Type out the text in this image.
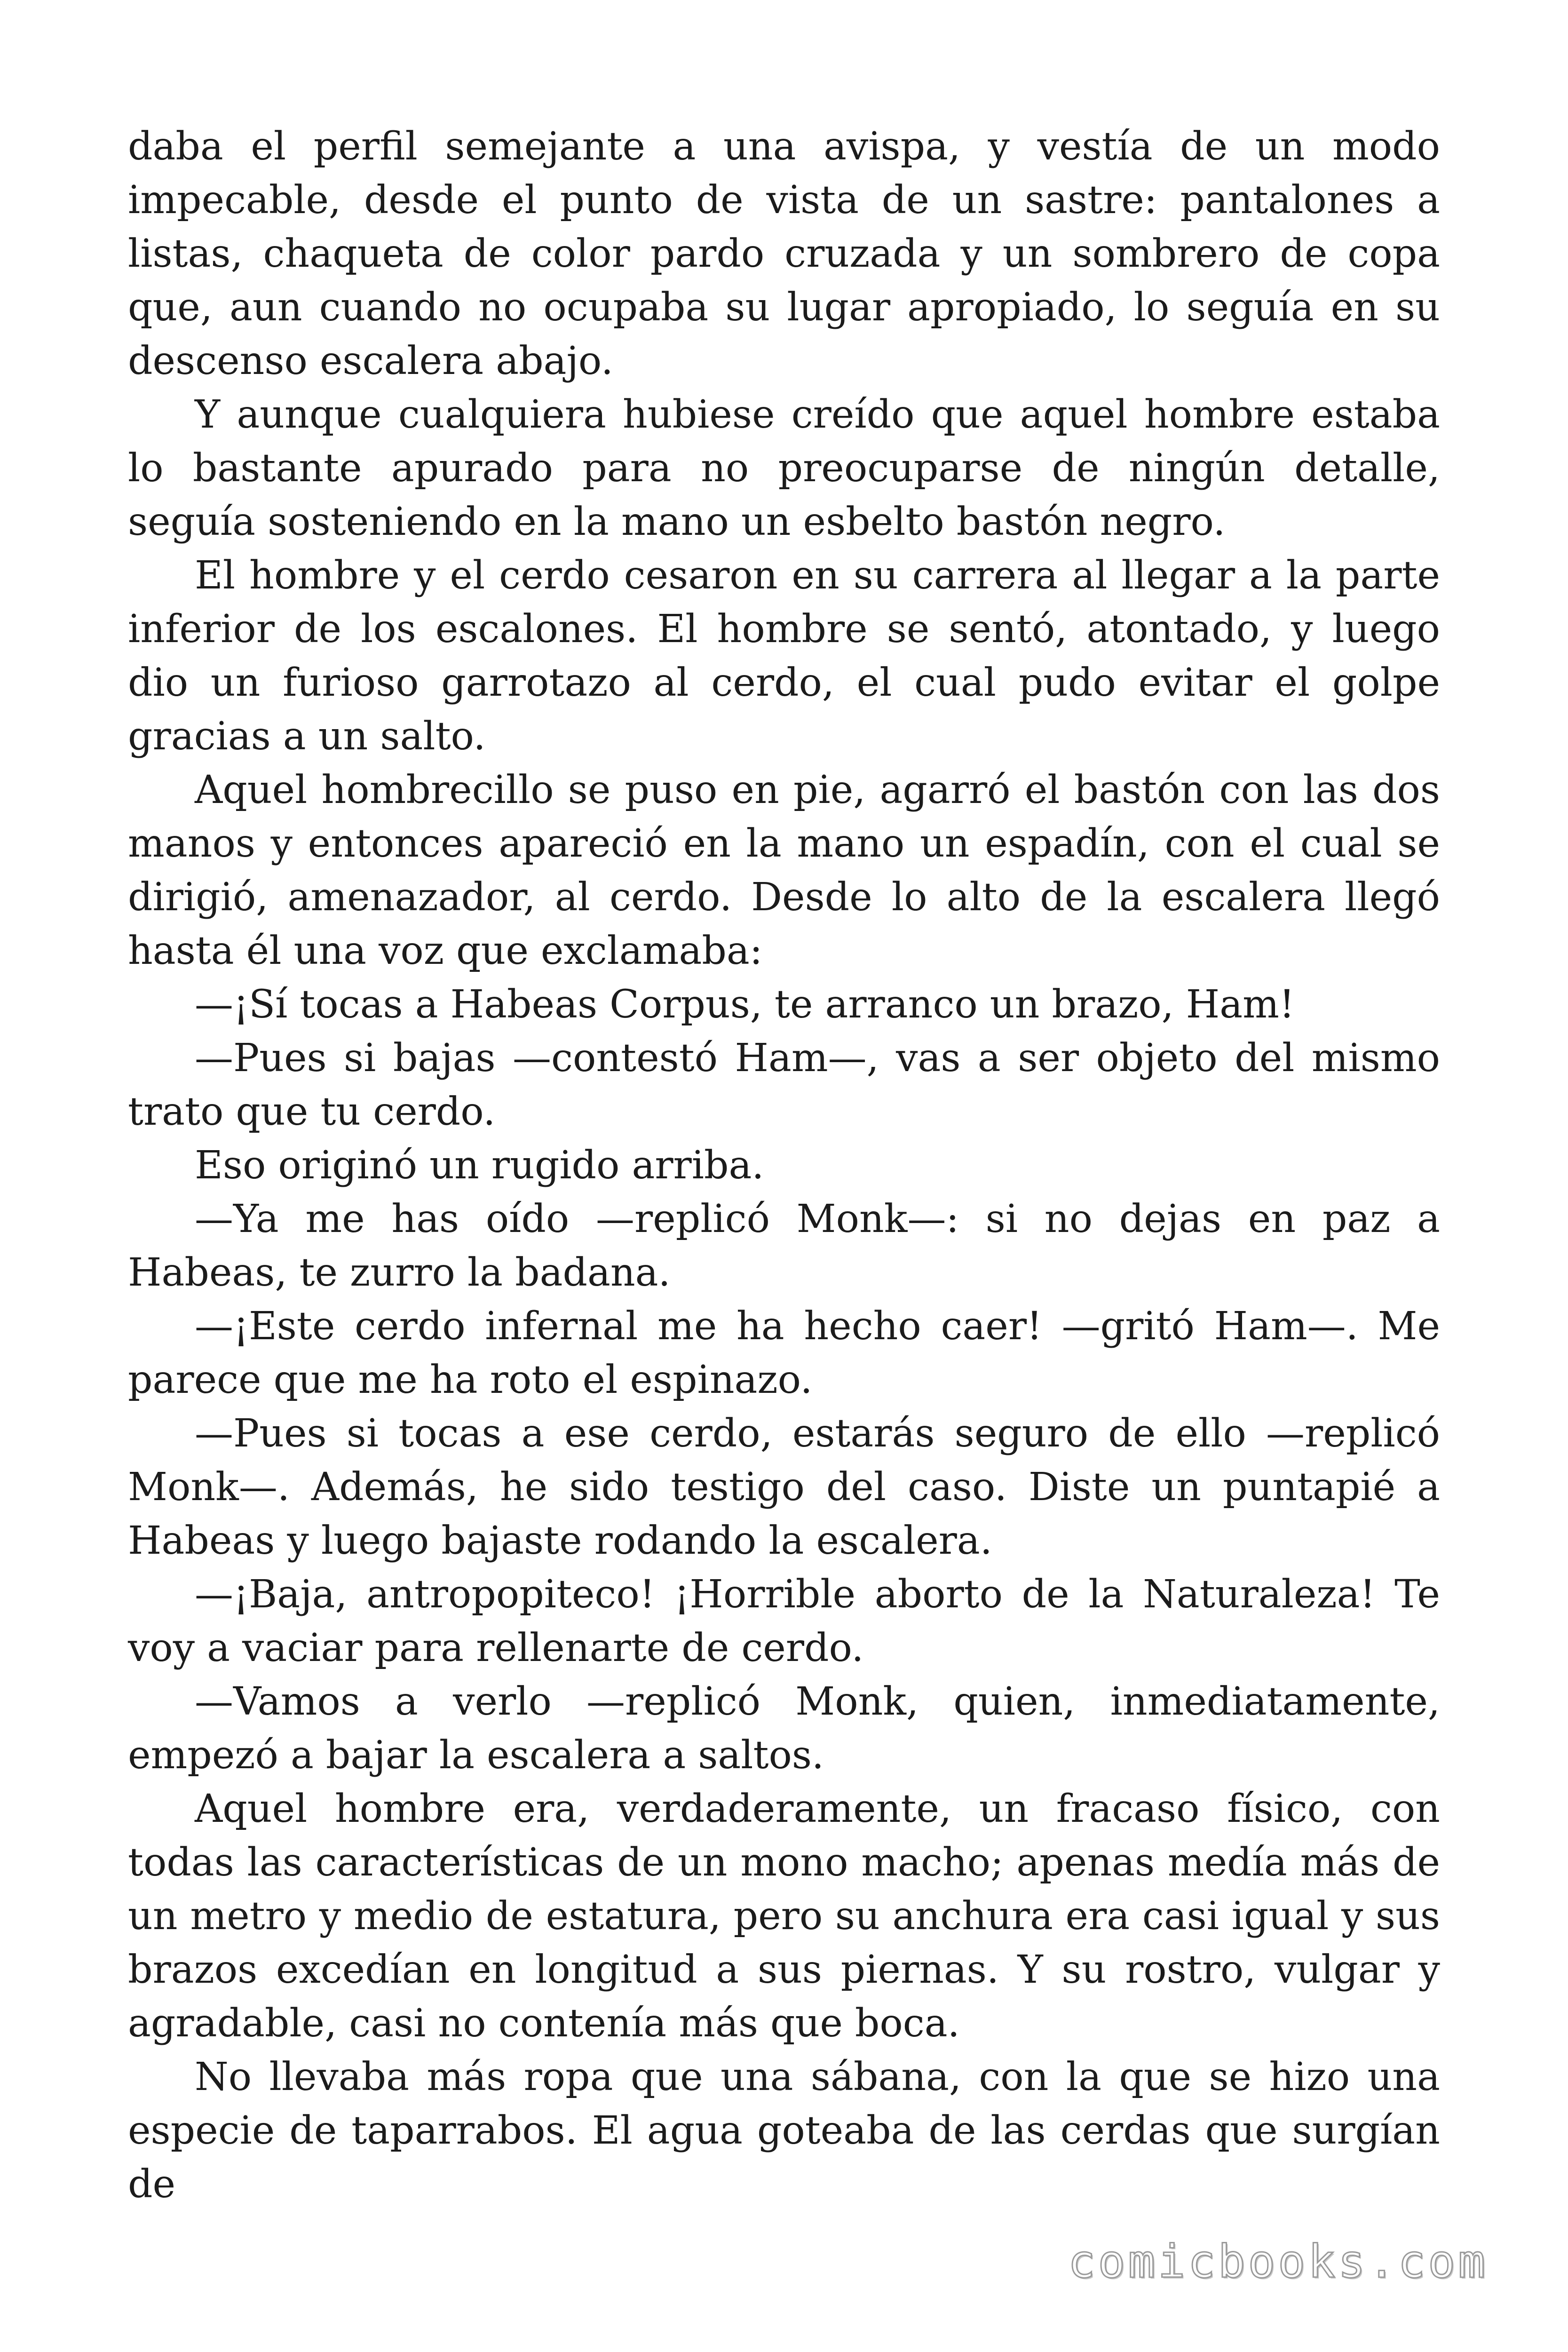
daba el perfil semejante a una avispa, y vestía de un modo impecable, desde el punto de vista de un sastre: pantalones a listas, chaqueta de color pardo cruzada y un sombrero de copa que, aun cuando no ocupaba su lugar apropiado, lo seguía en su descenso escalera abajo.

Y aunque cualquiera hubiese creído que aquel hombre estaba lo bastante apurado para no preocuparse de ningún detalle, seguía sosteniendo en la mano un esbelto bastón negro.

El hombre y el cerdo cesaron en su carrera al llegar a la parte inferior de los escalones. El hombre se sentó, atontado, y luego dio un furioso garrotazo al cerdo, el cual pudo evitar el golpe gracias a un salto.

Aquel hombrecillo se puso en pie, agarró el bastón con las dos manos y entonces apareció en la mano un espadín, con el cual se dirigió, amenazador, al cerdo. Desde lo alto de la escalera llegó hasta él una voz que exclamaba:

—¡Sí tocas a Habeas Corpus, te arranco un brazo, Ham!

—Pues si bajas —contestó Ham—, vas a ser objeto del mismo trato que tu cerdo.

Eso originó un rugido arriba.

—Ya me has oído —replicó Monk—: si no dejas en paz a Habeas, te zurro la badana.

—¡Este cerdo infernal me ha hecho caer! —gritó Ham—. Me parece que me ha roto el espinazo.

—Pues si tocas a ese cerdo, estarás seguro de ello —replicó Monk—. Además, he sido testigo del caso. Diste un puntapié a Habeas y luego bajaste rodando la escalera.

—¡Baja, antropopiteco! ¡Horrible aborto de la Naturaleza! Te voy a vaciar para rellenarte de cerdo.

—Vamos a verlo —replicó Monk, quien, inmediatamente, empezó a bajar la escalera a saltos.

Aquel hombre era, verdaderamente, un fracaso físico, con todas las características de un mono macho; apenas medía más de un metro y medio de estatura, pero su anchura era casi igual y sus brazos excedían en longitud a sus piernas. Y su rostro, vulgar y agradable, casi no contenía más que boca.

No llevaba más ropa que una sábana, con la que se hizo una especie de taparrabos. El agua goteaba de las cerdas que surgían de

comicbooks.com
